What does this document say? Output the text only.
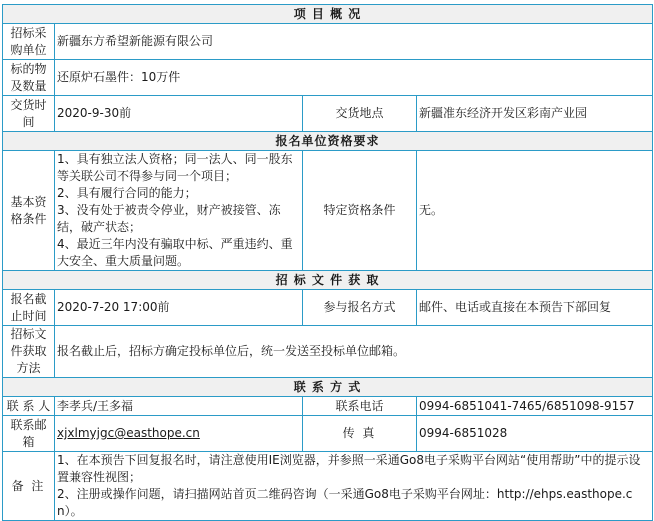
项 目 概 况			
招标采购单位	新疆东方希望新能源有限公司		
标的物及数量	还原炉石墨件：10万件		
交货时间	2020-9-30前	交货地点	新疆准东经济开发区彩南产业园
报名单位资格要求			
基本资格条件	1、具有独立法人资格；同一法人、同一股东等关联公司不得参与同一个项目；
2、具有履行合同的能力；
3、没有处于被责令停业，财产被接管、冻结，破产状态；
4、最近三年内没有骗取中标、严重违约、重大安全、重大质量问题。	特定资格条件	无。
招 标 文 件 获 取			
报名截止时间	2020-7-20 17:00前	参与报名方式	邮件、电话或直接在本预告下部回复
招标文件获取方法	报名截止后，招标方确定投标单位后，统一发送至投标单位邮箱。		
联 系 方 式			
联 系 人	李孝兵/王多福	联系电话	0994-6851041-7465/6851098-9157
联系邮箱	xjxlmyjgc@easthope.cn	传 真	0994-6851028
备 注	1、在本预告下回复报名时，请注意使用IE浏览器，并参照一采通Go8电子采购平台网站“使用帮助”中的提示设置兼容性视图；
2、注册或操作问题，请扫描网站首页二维码咨询（一采通Go8电子采购平台网址：http://ehps.easthope.cn）。		
